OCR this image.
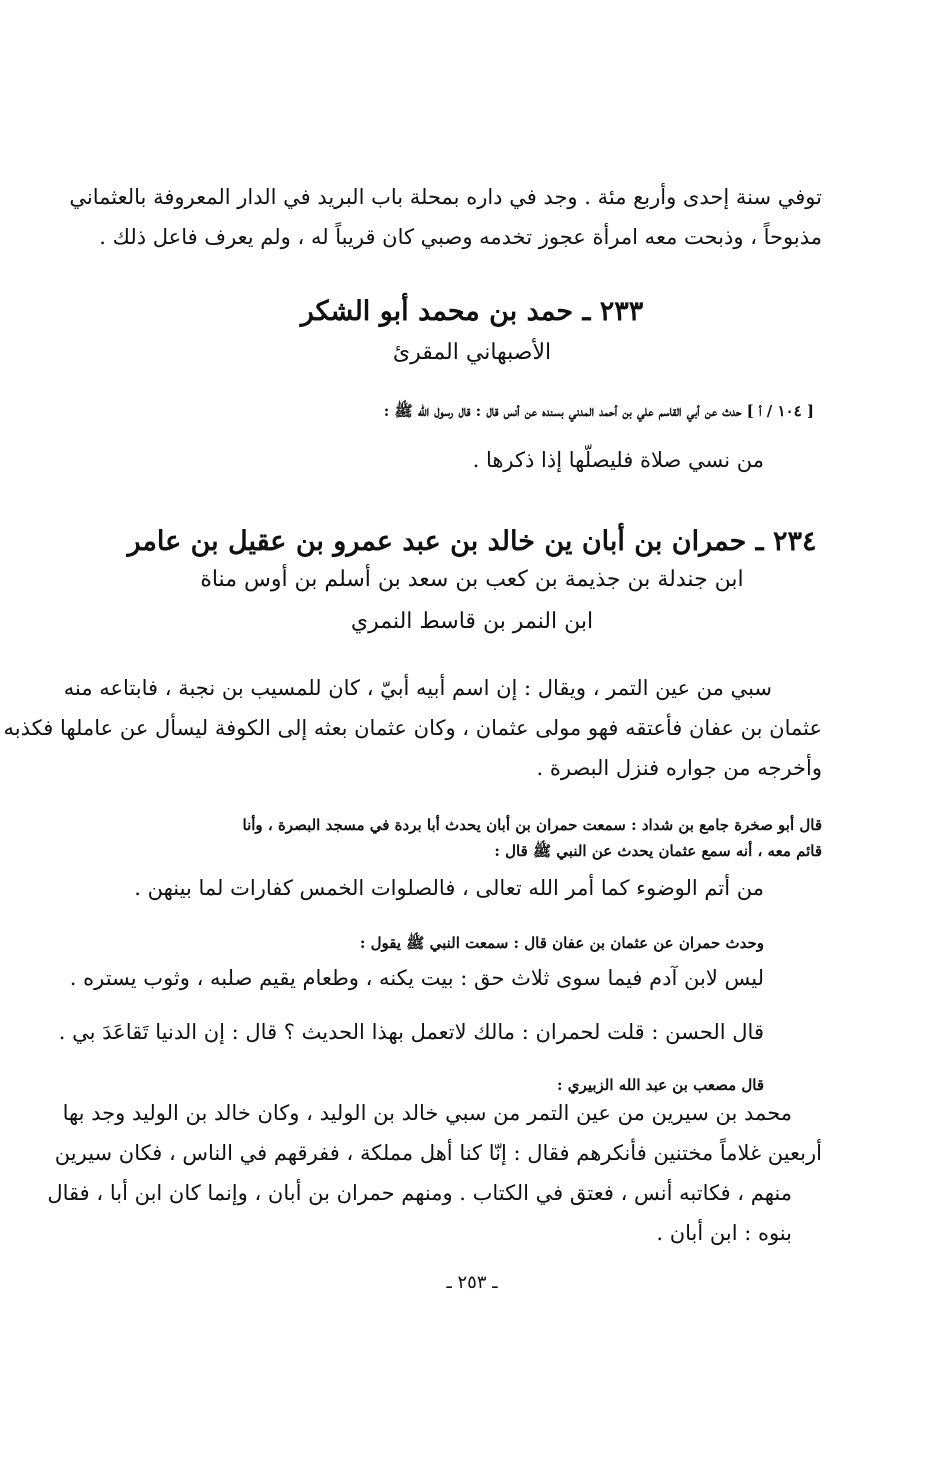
توفي سنة إحدى وأربع مئة . وجد في داره بمحلة باب البريد في الدار المعروفة بالعثماني
مذبوحاً ، وذبحت معه امرأة عجوز تخدمه وصبي كان قريباً له ، ولم يعرف فاعل ذلك .
٢٣٣ ـ حمد بن محمد أبو الشكر
الأصبهاني المقرئ
[ ١٠٤ / أ ] حدث عن أبي القاسم علي بن أحمد المدني بسنده عن أنس قال : قال رسول الله ﷺ :
من نسي صلاة فليصلّها إذا ذكرها .
٢٣٤ ـ حمران بن أبان ين خالد بن عبد عمرو بن عقيل بن عامر
ابن جندلة بن جذيمة بن كعب بن سعد بن أسلم بن أوس مناة
ابن النمر بن قاسط النمري
سبي من عين التمر ، ويقال : إن اسم أبيه أبيّ ، كان للمسيب بن نجبة ، فابتاعه منه
عثمان بن عفان فأعتقه فهو مولى عثمان ، وكان عثمان بعثه إلى الكوفة ليسأل عن عاملها فكذبه
وأخرجه من جواره فنزل البصرة .
قال أبو صخرة جامع بن شداد : سمعت حمران بن أبان يحدث أبا بردة في مسجد البصرة ، وأنا
قائم معه ، أنه سمع عثمان يحدث عن النبي ﷺ قال :
من أتم الوضوء كما أمر الله تعالى ، فالصلوات الخمس كفارات لما بينهن .
وحدث حمران عن عثمان بن عفان قال : سمعت النبي ﷺ يقول :
ليس لابن آدم فيما سوى ثلاث حق : بيت يكنه ، وطعام يقيم صلبه ، وثوب يستره .
قال الحسن : قلت لحمران : مالك لاتعمل بهذا الحديث ؟ قال : إن الدنيا تَقاعَدَ بي .
قال مصعب بن عبد الله الزبيري :
محمد بن سيرين من عين التمر من سبي خالد بن الوليد ، وكان خالد بن الوليد وجد بها
أربعين غلاماً مختنين فأنكرهم فقال : إنّا كنا أهل مملكة ، ففرقهم في الناس ، فكان سيرين
منهم ، فكاتبه أنس ، فعتق في الكتاب . ومنهم حمران بن أبان ، وإنما كان ابن أبا ، فقال
بنوه : ابن أبان .
ـ ٢٥٣ ـ
